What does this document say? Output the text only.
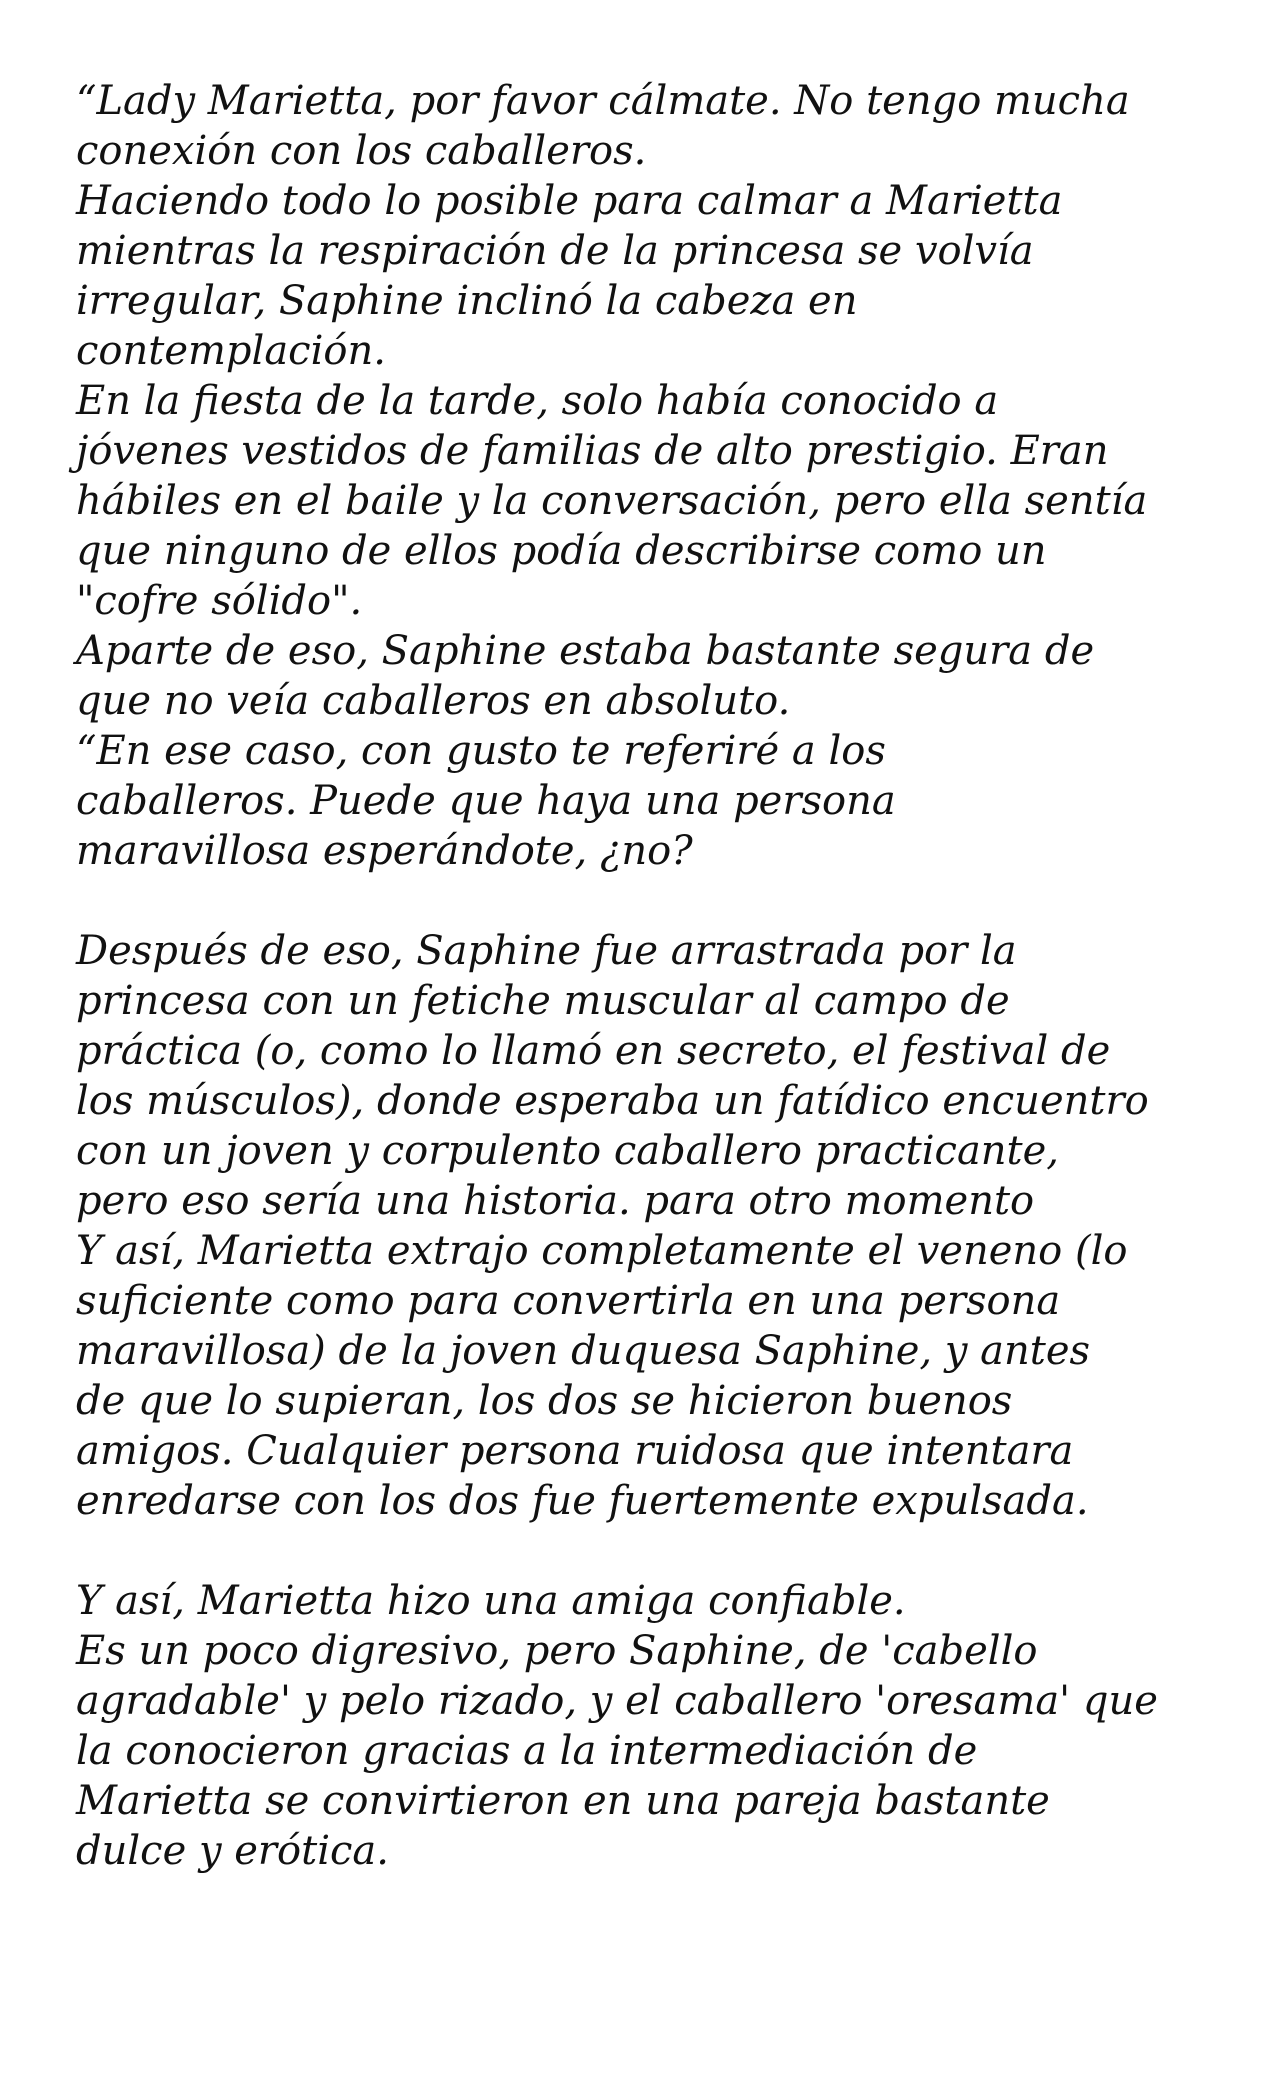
“Lady Marietta, por favor cálmate. No tengo mucha
conexión con los caballeros.
Haciendo todo lo posible para calmar a Marietta
mientras la respiración de la princesa se volvía
irregular, Saphine inclinó la cabeza en
contemplación.
En la fiesta de la tarde, solo había conocido a
jóvenes vestidos de familias de alto prestigio. Eran
hábiles en el baile y la conversación, pero ella sentía
que ninguno de ellos podía describirse como un
"cofre sólido".
Aparte de eso, Saphine estaba bastante segura de
que no veía caballeros en absoluto.
“En ese caso, con gusto te referiré a los
caballeros. Puede que haya una persona
maravillosa esperándote, ¿no?
Después de eso, Saphine fue arrastrada por la
princesa con un fetiche muscular al campo de
práctica (o, como lo llamó en secreto, el festival de
los músculos), donde esperaba un fatídico encuentro
con un joven y corpulento caballero practicante,
pero eso sería una historia. para otro momento
Y así, Marietta extrajo completamente el veneno (lo
suficiente como para convertirla en una persona
maravillosa) de la joven duquesa Saphine, y antes
de que lo supieran, los dos se hicieron buenos
amigos. Cualquier persona ruidosa que intentara
enredarse con los dos fue fuertemente expulsada.
Y así, Marietta hizo una amiga confiable.
Es un poco digresivo, pero Saphine, de 'cabello
agradable' y pelo rizado, y el caballero 'oresama' que
la conocieron gracias a la intermediación de
Marietta se convirtieron en una pareja bastante
dulce y erótica.
